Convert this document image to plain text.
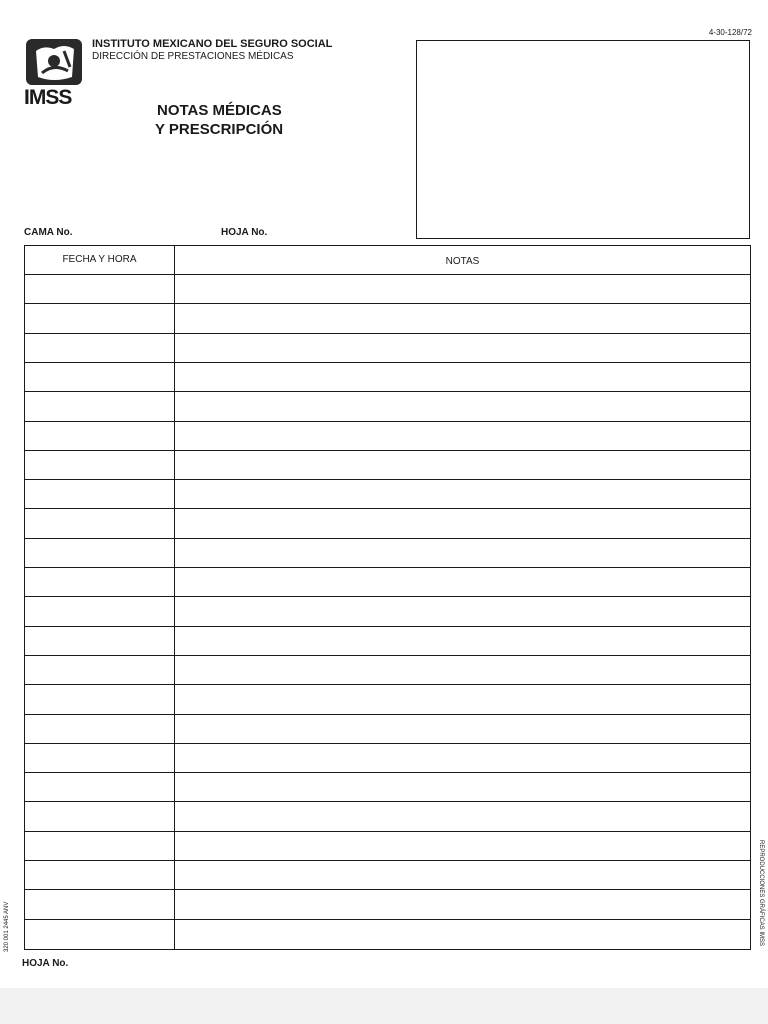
4-30-128/72
IMSS
INSTITUTO MEXICANO DEL SEGURO SOCIAL
DIRECCIÓN DE PRESTACIONES MÉDICAS
NOTAS MÉDICAS
Y PRESCRIPCIÓN
CAMA No.	HOJA No.
FECHA Y HORA	NOTAS
HOJA No.
320 001 2445 ANV	REPRODUCCIONES GRÁFICAS IMSS
